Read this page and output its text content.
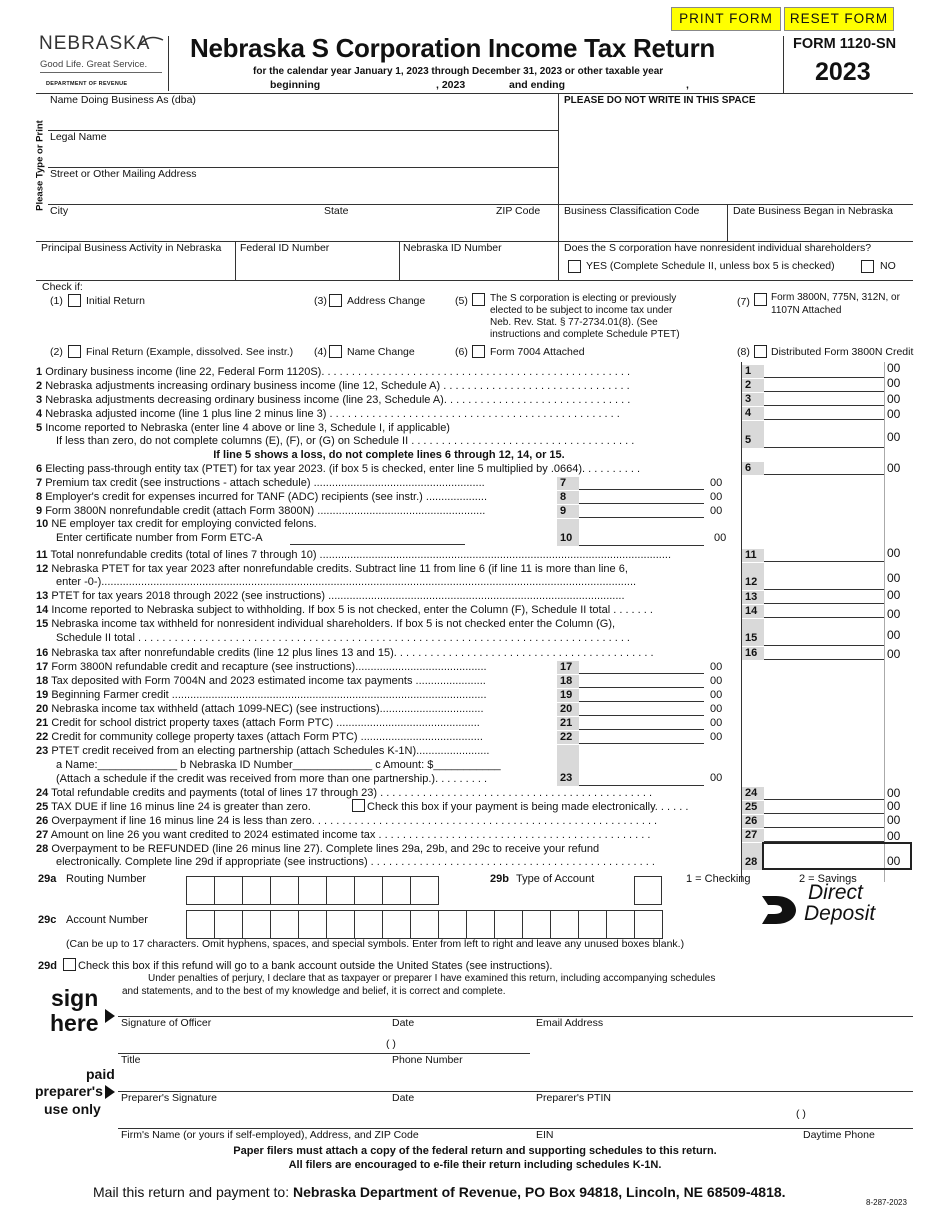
PRINT FORM	RESET FORM
NEBRASKA
Good Life. Great Service.
DEPARTMENT OF REVENUE
Nebraska S Corporation Income Tax Return
for the calendar year January 1, 2023 through December 31, 2023 or other taxable year
beginning	, 2023	and ending	,
FORM 1120-SN
2023
Please Type or Print
Name Doing Business As (dba)
Legal Name
Street or Other Mailing Address
City	State	ZIP Code
PLEASE DO NOT WRITE IN THIS SPACE
Business Classification Code	Date Business Began in Nebraska
Principal Business Activity in Nebraska Federal ID Number	Nebraska ID Number	Does the S corporation have nonresident individual shareholders?
YES (Complete Schedule II, unless box 5 is checked)	NO
Check if:
(1) Initial Return
(2) Final Return (Example, dissolved. See instr.)
(3) Address Change
(4) Name Change
(5) The S corporation is electing or previously
elected to be subject to income tax under
Neb. Rev. Stat. § 77-2734.01(8). (See
instructions and complete Schedule PTET)
(6) Form 7004 Attached
(7) Form 3800N, 775N, 312N, or
1107N Attached
(8) Distributed Form 3800N Credit
1 Ordinary business income (line 22, Federal Form 1120S). . . . . . . . . . . . . . . . . . . . . . . . . . . . . . . . . . . . . . . . . . . . . . . . . . .	1	00
2 Nebraska adjustments increasing ordinary business income (line 12, Schedule A) . . . . . . . . . . . . . . . . . . . . . . . . . . . . . . .	2	00
3 Nebraska adjustments decreasing ordinary business income (line 23, Schedule A). . . . . . . . . . . . . . . . . . . . . . . . . . . . . . .	3	00
4 Nebraska adjusted income (line 1 plus line 2 minus line 3) . . . . . . . . . . . . . . . . . . . . . . . . . . . . . . . . . . . . . . . . . . . . . . . .	4	00
5 Income reported to Nebraska (enter line 4 above or line 3, Schedule I, if applicable)
If less than zero, do not complete columns (E), (F), or (G) on Schedule II . . . . . . . . . . . . . . . . . . . . . . . . . . . . . . . . . . . . .	5	00
If line 5 shows a loss, do not complete lines 6 through 12, 14, or 15.
6 Electing pass-through entity tax (PTET) for tax year 2023. (if box 5 is checked, enter line 5 multiplied by .0664). . . . . . . . . .	6	00
7 Premium tax credit (see instructions - attach schedule) ........................................................	7	00
8 Employer's credit for expenses incurred for TANF (ADC) recipients (see instr.) ....................	8	00
9 Form 3800N nonrefundable credit (attach Form 3800N) .......................................................	9	00
10 NE employer tax credit for employing convicted felons.
Enter certificate number from Form ETC-A	10	00
11 Total nonrefundable credits (total of lines 7 through 10) ...................................................................................................................	11	00
12 Nebraska PTET for tax year 2023 after nonrefundable credits. Subtract line 11 from line 6 (if line 11 is more than line 6,
enter -0-)...............................................................................................................................................................................	12	00
13 PTET for tax years 2018 through 2022 (see instructions) .................................................................................................	13	00
14 Income reported to Nebraska subject to withholding. If box 5 is not checked, enter the Column (F), Schedule II total . . . . . . .	14	00
15 Nebraska income tax withheld for nonresident individual shareholders. If box 5 is not checked enter the Column (G),
Schedule II total . . . . . . . . . . . . . . . . . . . . . . . . . . . . . . . . . . . . . . . . . . . . . . . . . . . . . . . . . . . . . . . . . . . . . . . . . . . . . . . . .	15	00
16 Nebraska tax after nonrefundable credits (line 12 plus lines 13 and 15). . . . . . . . . . . . . . . . . . . . . . . . . . . . . . . . . . . . . . . . . . .	16	00
17 Form 3800N refundable credit and recapture (see instructions)...........................................	17	00
18 Tax deposited with Form 7004N and 2023 estimated income tax payments .......................	18	00
19 Beginning Farmer credit .......................................................................................................	19	00
20 Nebraska income tax withheld (attach 1099-NEC) (see instructions)..................................	20	00
21 Credit for school district property taxes (attach Form PTC) ...............................................	21	00
22 Credit for community college property taxes (attach Form PTC) ........................................	22	00
23 PTET credit received from an electing partnership (attach Schedules K-1N)........................
a Name:_____________ b Nebraska ID Number_____________ c Amount: $___________
(Attach a schedule if the credit was received from more than one partnership.). . . . . . . . .	23	00
24 Total refundable credits and payments (total of lines 17 through 23) . . . . . . . . . . . . . . . . . . . . . . . . . . . . . . . . . . . . . . . . . . . . .	24	00
25 TAX DUE if line 16 minus line 24 is greater than zero.	Check this box if your payment is being made electronically. . . . . .	25	00
26 Overpayment if line 16 minus line 24 is less than zero. . . . . . . . . . . . . . . . . . . . . . . . . . . . . . . . . . . . . . . . . . . . . . . . . . . . . . . . .	26	00
27 Amount on line 26 you want credited to 2024 estimated income tax . . . . . . . . . . . . . . . . . . . . . . . . . . . . . . . . . . . . . . . . . . . . .	27	00
28 Overpayment to be REFUNDED (line 26 minus line 27). Complete lines 29a, 29b, and 29c to receive your refund
electronically. Complete line 29d if appropriate (see instructions) . . . . . . . . . . . . . . . . . . . . . . . . . . . . . . . . . . . . . . . . . . . . . . .	28	00
29a Routing Number	29b Type of Account	1 = Checking	2 = Savings
Direct
Deposit
29c Account Number
(Can be up to 17 characters. Omit hyphens, spaces, and special symbols. Enter from left to right and leave any unused boxes blank.)
29d Check this box if this refund will go to a bank account outside the United States (see instructions).
Under penalties of perjury, I declare that as taxpayer or preparer I have examined this return, including accompanying schedules
and statements, and to the best of my knowledge and belief, it is correct and complete.
sign
here Signature of Officer	Date	Email Address
( )
Title	Phone Number
paid
preparer's
use only
Preparer's Signature	Date	Preparer's PTIN
( )
Firm's Name (or yours if self-employed), Address, and ZIP Code	EIN	Daytime Phone
Paper filers must attach a copy of the federal return and supporting schedules to this return.
All filers are encouraged to e-file their return including schedules K-1N.
Mail this return and payment to: Nebraska Department of Revenue, PO Box 94818, Lincoln, NE 68509-4818.
8-287-2023
